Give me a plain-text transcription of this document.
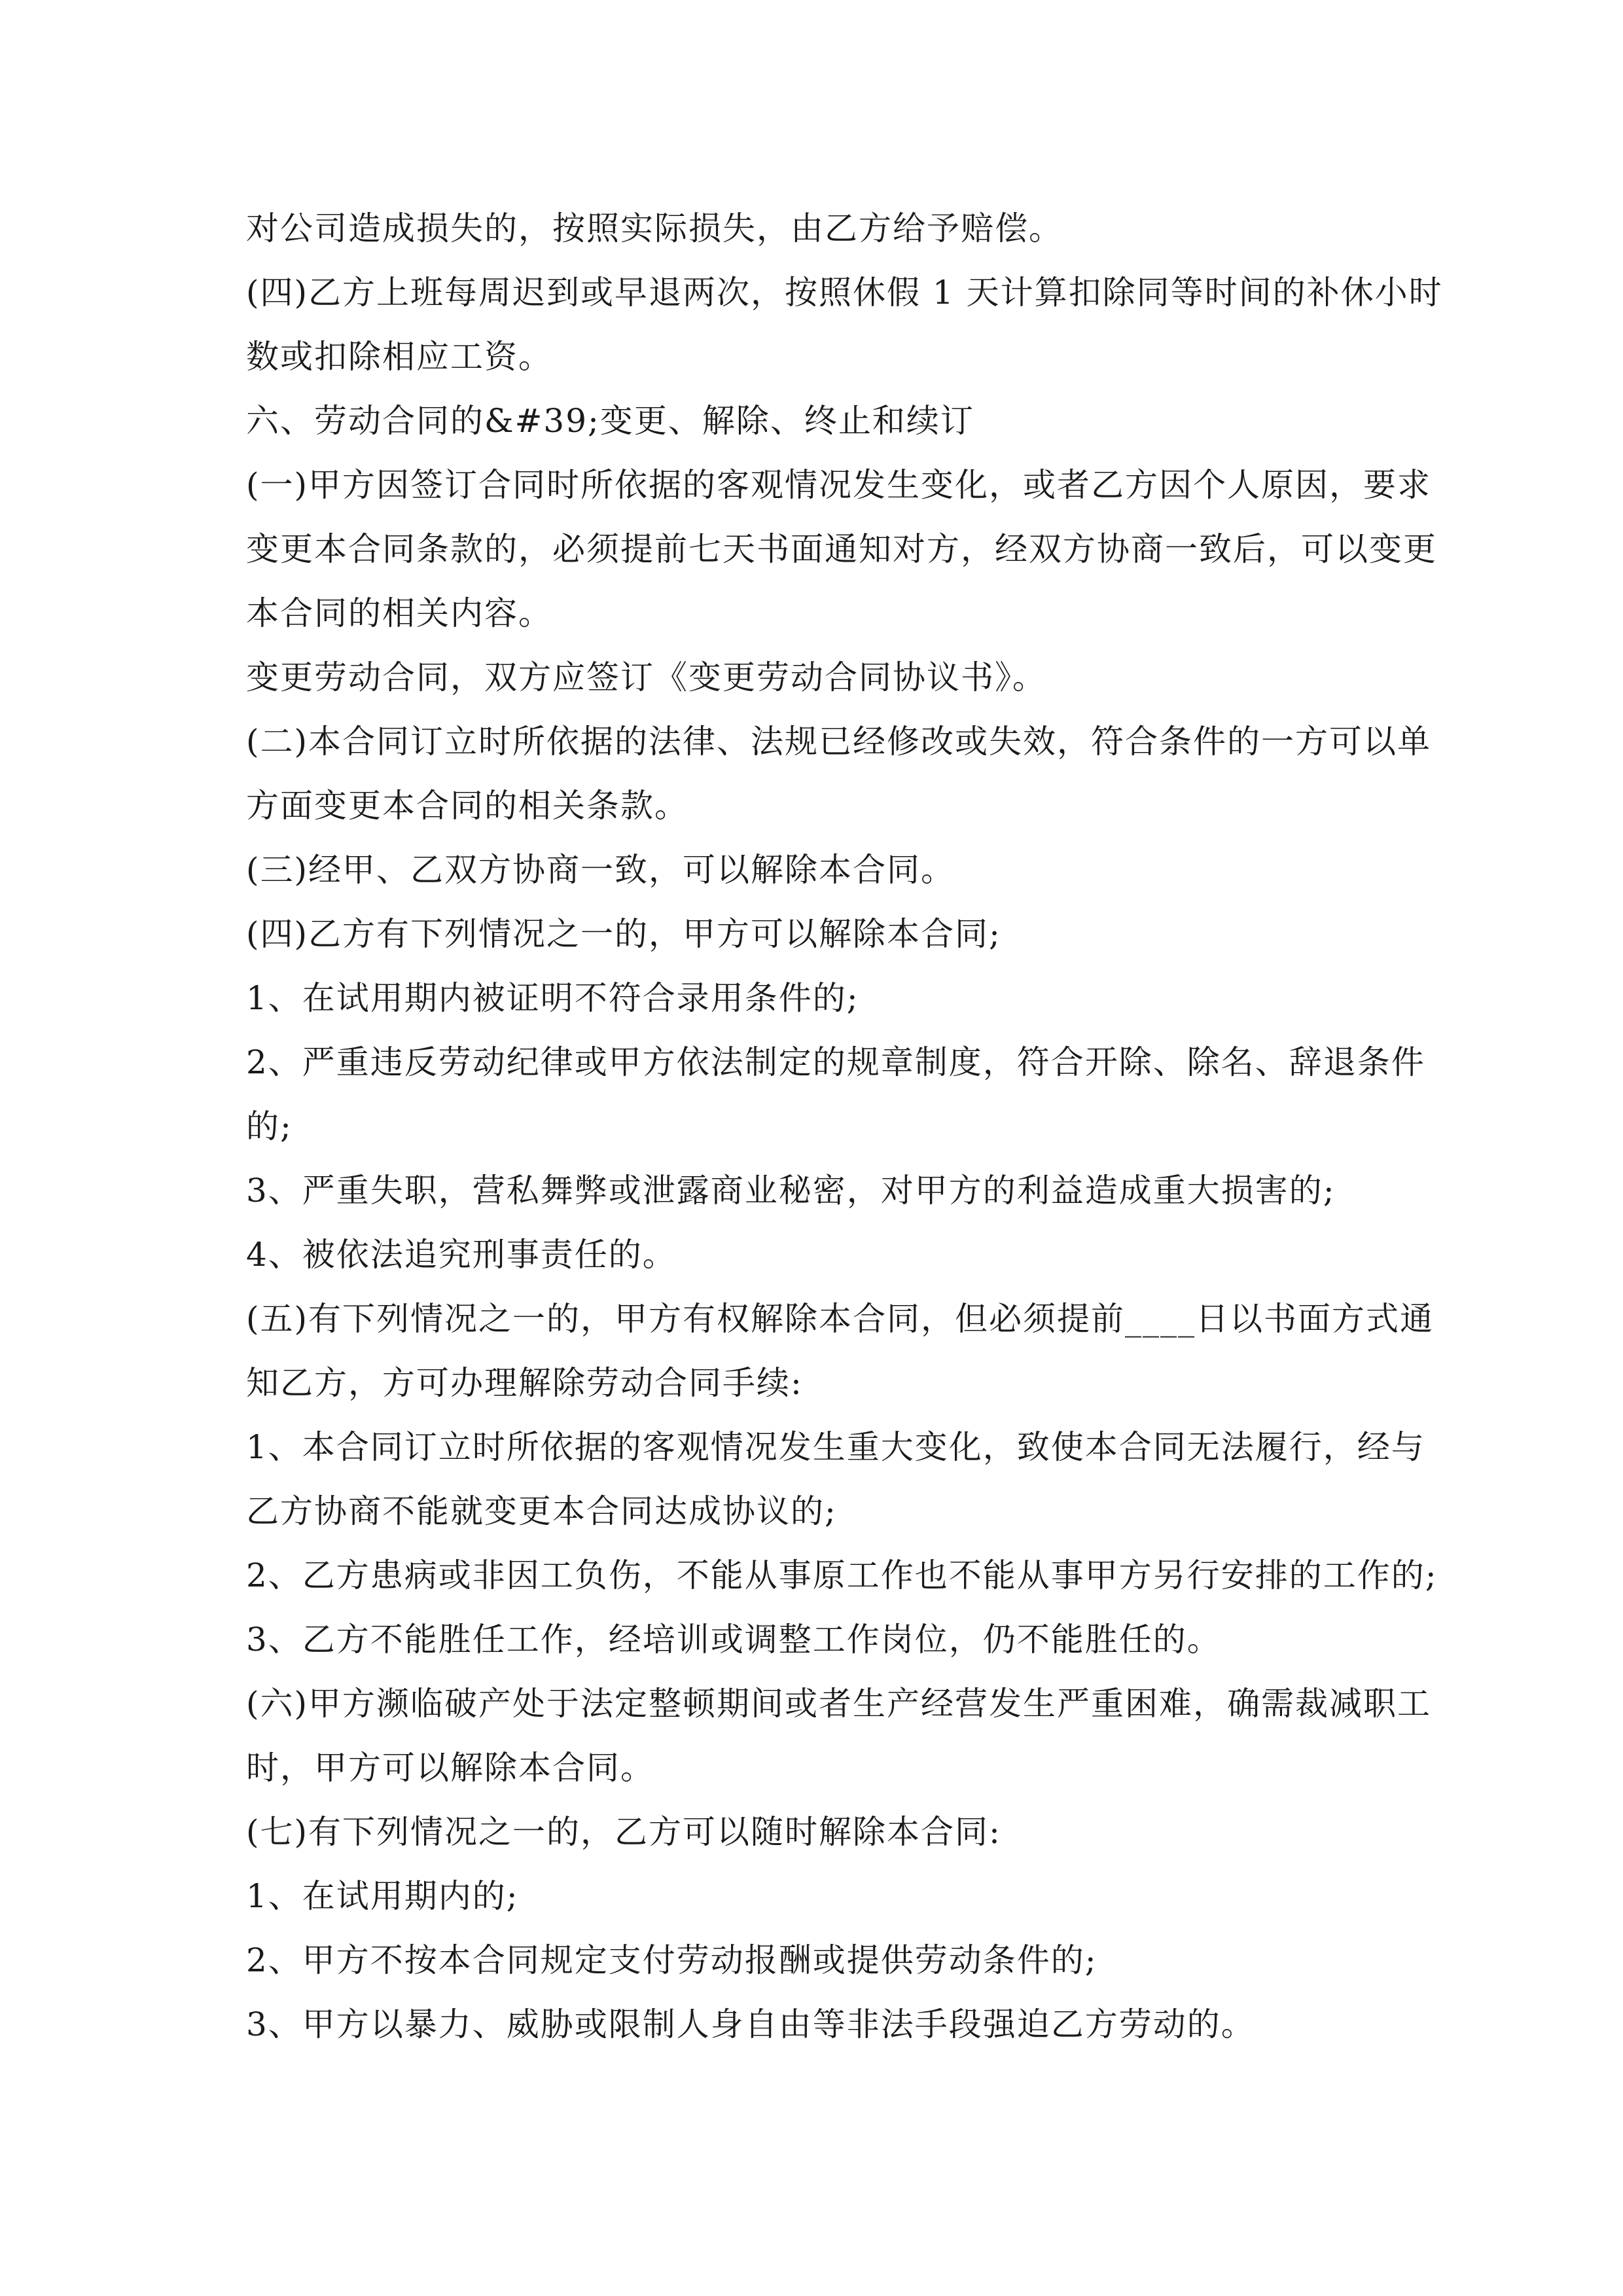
对公司造成损失的，按照实际损失，由乙方给予赔偿。
(四)乙方上班每周迟到或早退两次，按照休假 1 天计算扣除同等时间的补休小时
数或扣除相应工资。
六、劳动合同的&#39;变更、解除、终止和续订
(一)甲方因签订合同时所依据的客观情况发生变化，或者乙方因个人原因，要求
变更本合同条款的，必须提前七天书面通知对方，经双方协商一致后，可以变更
本合同的相关内容。
变更劳动合同，双方应签订《变更劳动合同协议书》。
(二)本合同订立时所依据的法律、法规已经修改或失效，符合条件的一方可以单
方面变更本合同的相关条款。
(三)经甲、乙双方协商一致，可以解除本合同。
(四)乙方有下列情况之一的，甲方可以解除本合同;
1、在试用期内被证明不符合录用条件的;
2、严重违反劳动纪律或甲方依法制定的规章制度，符合开除、除名、辞退条件
的;
3、严重失职，营私舞弊或泄露商业秘密，对甲方的利益造成重大损害的;
4、被依法追究刑事责任的。
(五)有下列情况之一的，甲方有权解除本合同，但必须提前____日以书面方式通
知乙方，方可办理解除劳动合同手续:
1、本合同订立时所依据的客观情况发生重大变化，致使本合同无法履行，经与
乙方协商不能就变更本合同达成协议的;
2、乙方患病或非因工负伤，不能从事原工作也不能从事甲方另行安排的工作的;
3、乙方不能胜任工作，经培训或调整工作岗位，仍不能胜任的。
(六)甲方濒临破产处于法定整顿期间或者生产经营发生严重困难，确需裁减职工
时，甲方可以解除本合同。
(七)有下列情况之一的，乙方可以随时解除本合同:
1、在试用期内的;
2、甲方不按本合同规定支付劳动报酬或提供劳动条件的;
3、甲方以暴力、威胁或限制人身自由等非法手段强迫乙方劳动的。
